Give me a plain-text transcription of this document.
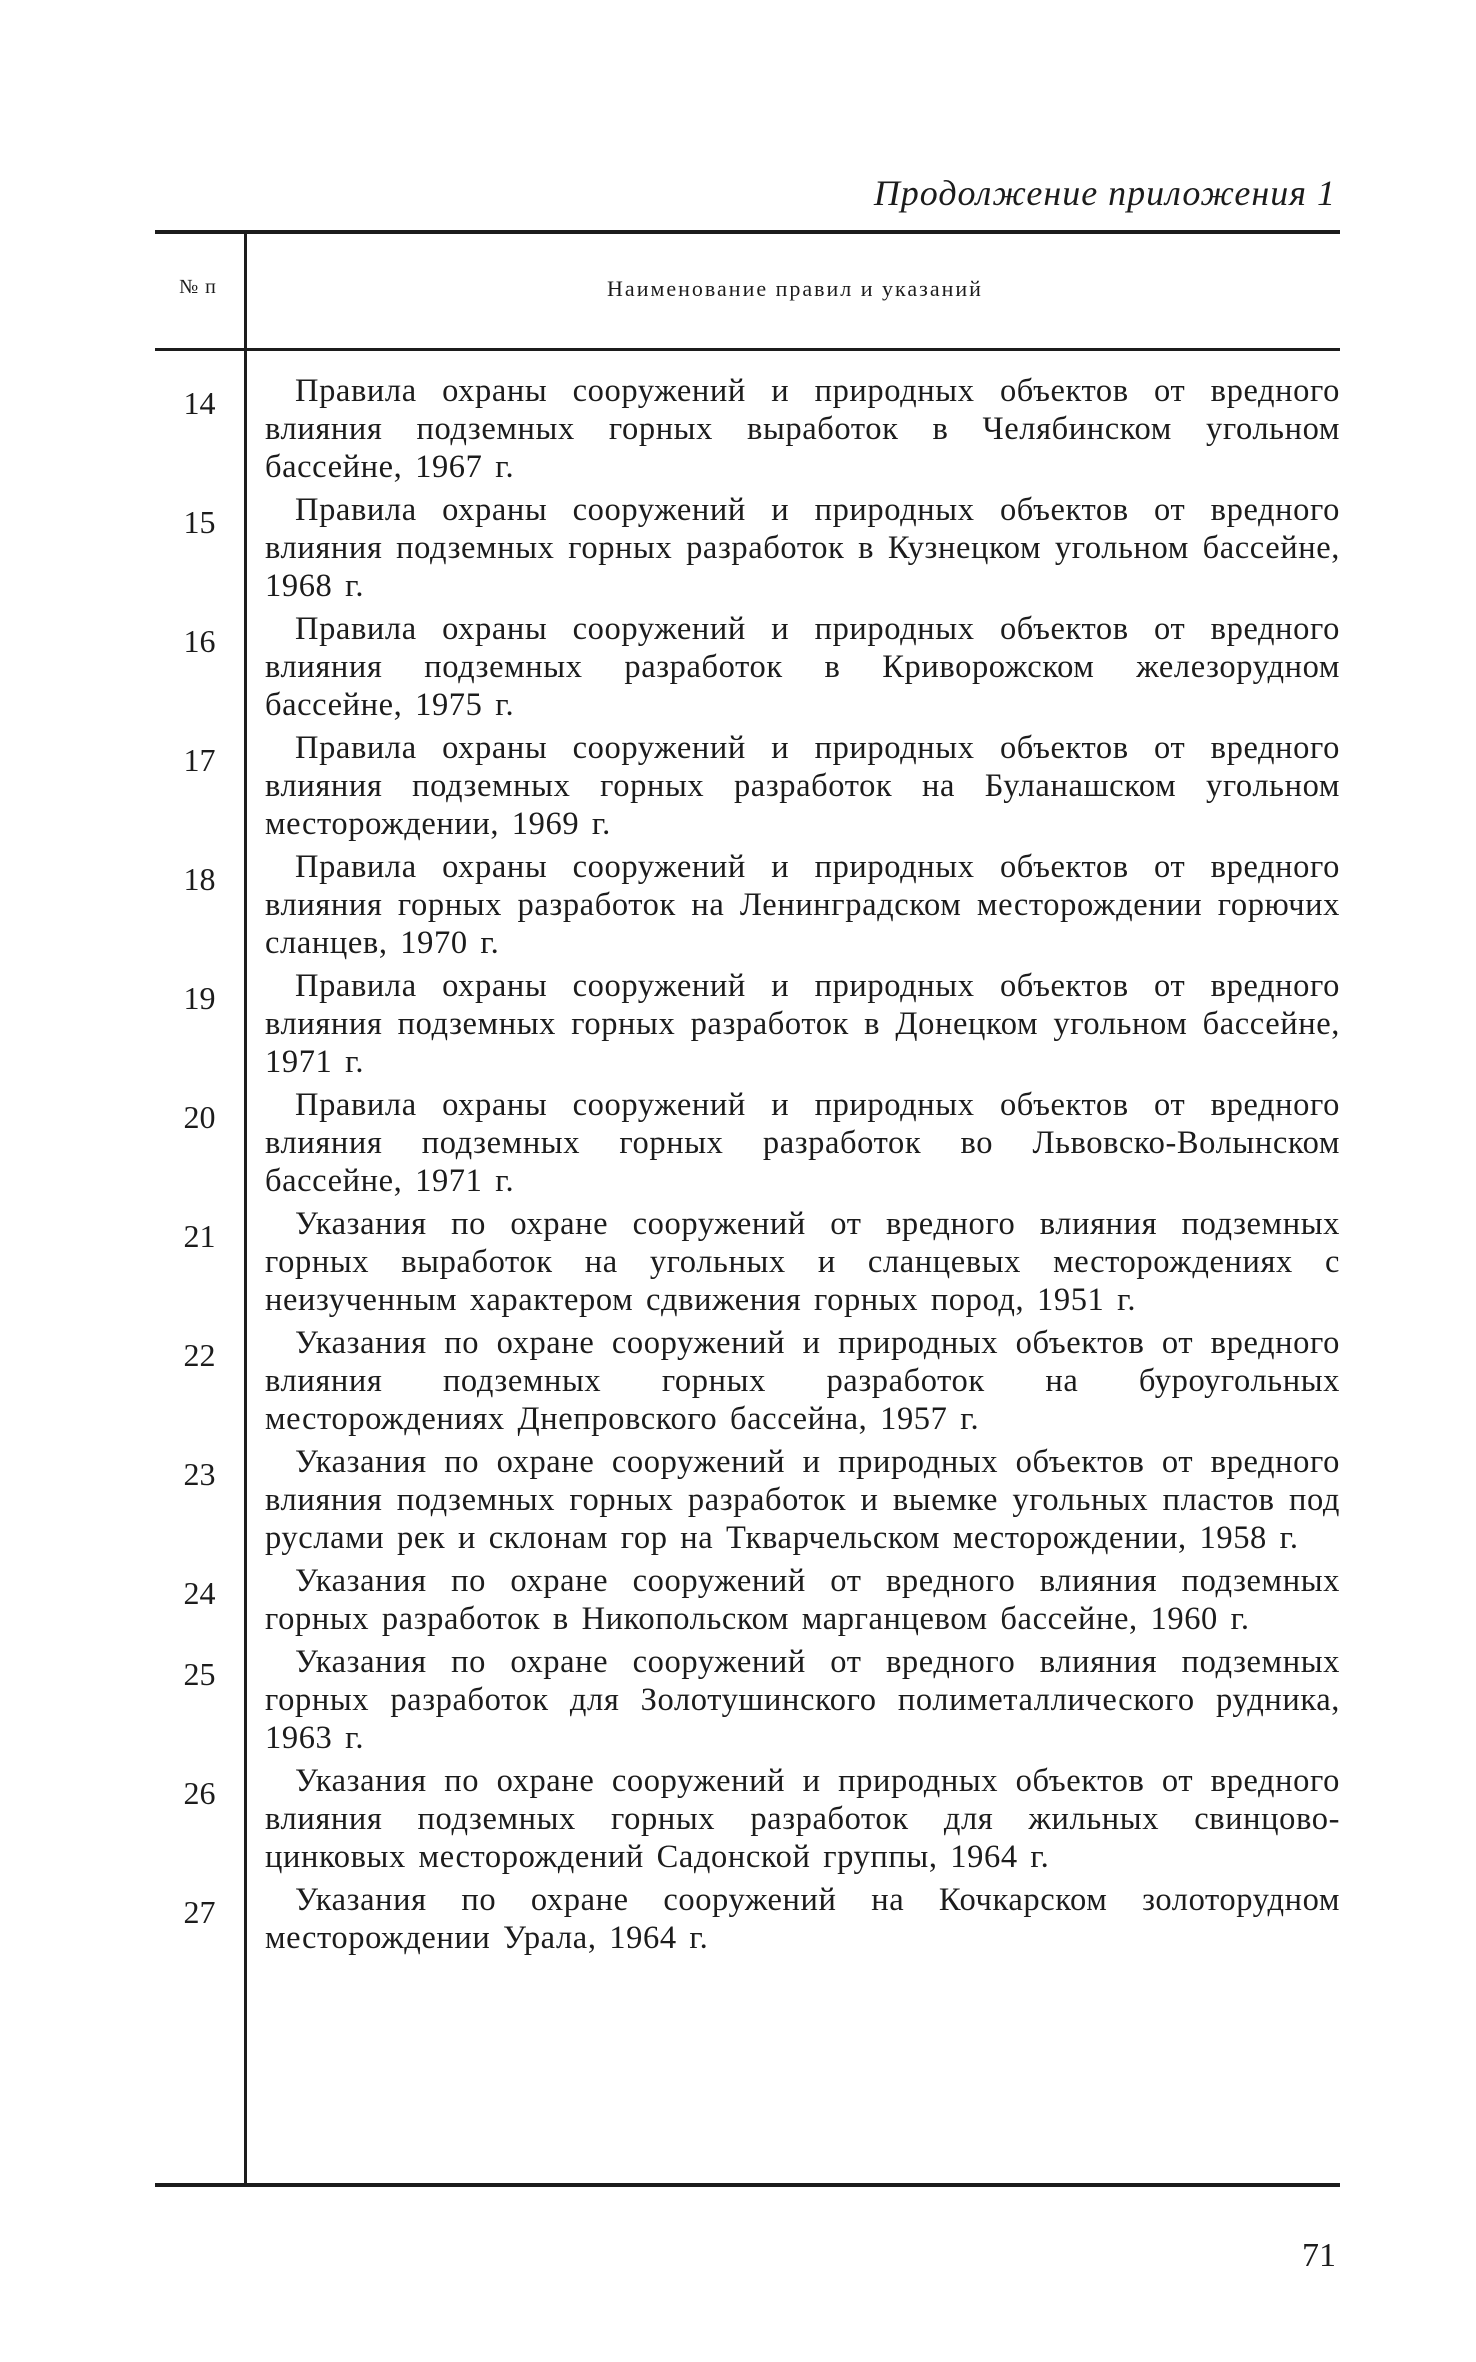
Продолжение приложения 1
№ п	Наименование правил и указаний
14	Правила охраны сооружений и природных объектов от вредного влияния подземных горных выработок в Челябинском угольном бассейне, 1967 г.
15	Правила охраны сооружений и природных объектов от вредного влияния подземных горных разработок в Кузнецком угольном бассейне, 1968 г.
16	Правила охраны сооружений и природных объектов от вредного влияния подземных разработок в Криворожском железорудном бассейне, 1975 г.
17	Правила охраны сооружений и природных объектов от вредного влияния подземных горных разработок на Буланашском угольном месторождении, 1969 г.
18	Правила охраны сооружений и природных объектов от вредного влияния горных разработок на Ленинградском месторождении горючих сланцев, 1970 г.
19	Правила охраны сооружений и природных объектов от вредного влияния подземных горных разработок в Донецком угольном бассейне, 1971 г.
20	Правила охраны сооружений и природных объектов от вредного влияния подземных горных разработок во Львовско-Волынском бассейне, 1971 г.
21	Указания по охране сооружений от вредного влияния подземных горных выработок на угольных и сланцевых месторождениях с неизученным характером сдвижения горных пород, 1951 г.
22	Указания по охране сооружений и природных объектов от вредного влияния подземных горных разработок на буроугольных месторождениях Днепровского бассейна, 1957 г.
23	Указания по охране сооружений и природных объектов от вредного влияния подземных горных разработок и выемке угольных пластов под руслами рек и склонам гор на Ткварчельском месторождении, 1958 г.
24	Указания по охране сооружений от вредного влияния подземных горных разработок в Никопольском марганцевом бассейне, 1960 г.
25	Указания по охране сооружений от вредного влияния подземных горных разработок для Золотушинского полиметаллического рудника, 1963 г.
26	Указания по охране сооружений и природных объектов от вредного влияния подземных горных разработок для жильных свинцово-цинковых месторождений Садонской группы, 1964 г.
27	Указания по охране сооружений на Кочкарском золоторудном месторождении Урала, 1964 г.
71
